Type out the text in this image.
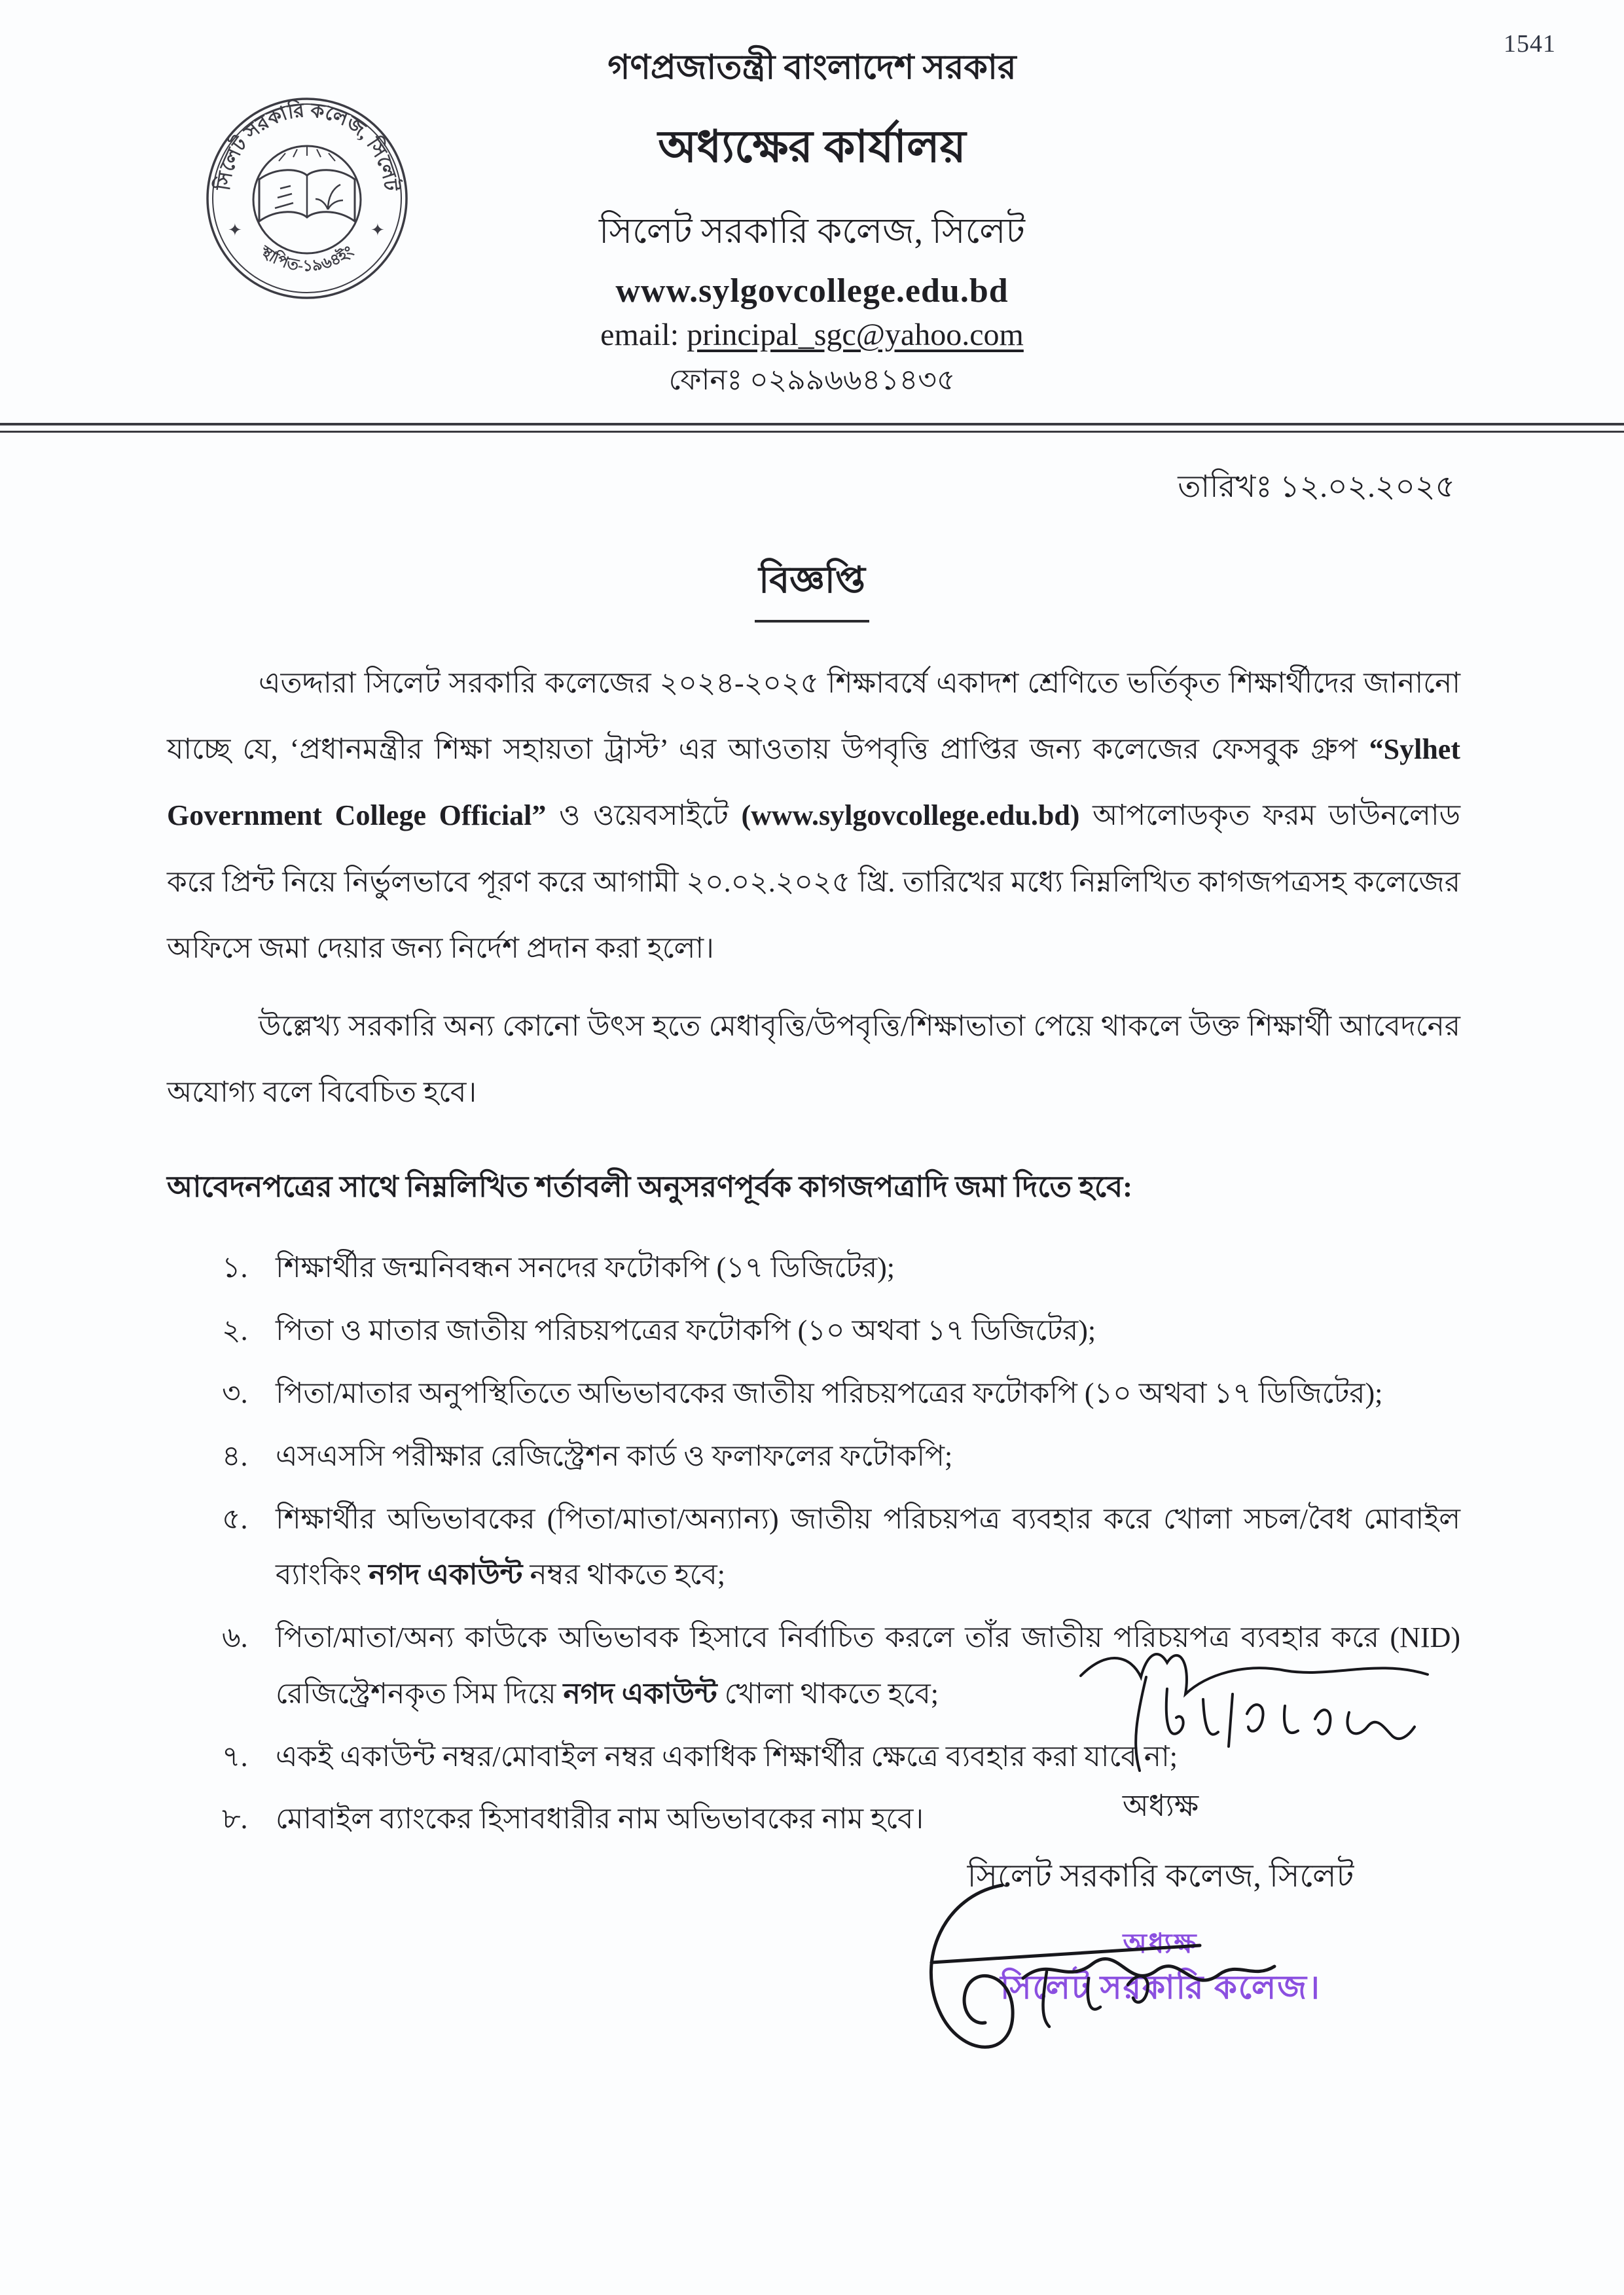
1541
সিলেট সরকারি কলেজ, সিলেট
স্থাপিত-১৯৬৪ইং
✦	✦
গণপ্রজাতন্ত্রী বাংলাদেশ সরকার
অধ্যক্ষের কার্যালয়
সিলেট সরকারি কলেজ, সিলেট
www.sylgovcollege.edu.bd
email: principal_sgc@yahoo.com
ফোনঃ ০২৯৯৬৬৪১৪৩৫
তারিখঃ ১২.০২.২০২৫
বিজ্ঞপ্তি

এতদ্দারা সিলেট সরকারি কলেজের ২০২৪-২০২৫ শিক্ষাবর্ষে একাদশ শ্রেণিতে ভর্তিকৃত শিক্ষার্থীদের জানানো যাচ্ছে যে, ‘প্রধানমন্ত্রীর শিক্ষা সহায়তা ট্রাস্ট’ এর আওতায় উপবৃত্তি প্রাপ্তির জন্য কলেজের ফেসবুক গ্রুপ “Sylhet Government College Official” ও ওয়েবসাইটে (www.sylgovcollege.edu.bd) আপলোডকৃত ফরম ডাউনলোড করে প্রিন্ট নিয়ে নির্ভুলভাবে পূরণ করে আগামী ২০.০২.২০২৫ খ্রি. তারিখের মধ্যে নিম্নলিখিত কাগজপত্রসহ কলেজের অফিসে জমা দেয়ার জন্য নির্দেশ প্রদান করা হলো।

উল্লেখ্য সরকারি অন্য কোনো উৎস হতে মেধাবৃত্তি/উপবৃত্তি/শিক্ষাভাতা পেয়ে থাকলে উক্ত শিক্ষার্থী আবেদনের অযোগ্য বলে বিবেচিত হবে।

আবেদনপত্রের সাথে নিম্নলিখিত শর্তাবলী অনুসরণপূর্বক কাগজপত্রাদি জমা দিতে হবে:

১. শিক্ষার্থীর জন্মনিবন্ধন সনদের ফটোকপি (১৭ ডিজিটের);
২. পিতা ও মাতার জাতীয় পরিচয়পত্রের ফটোকপি (১০ অথবা ১৭ ডিজিটের);
৩. পিতা/মাতার অনুপস্থিতিতে অভিভাবকের জাতীয় পরিচয়পত্রের ফটোকপি (১০ অথবা ১৭ ডিজিটের);
৪. এসএসসি পরীক্ষার রেজিস্ট্রেশন কার্ড ও ফলাফলের ফটোকপি;
৫. শিক্ষার্থীর অভিভাবকের (পিতা/মাতা/অন্যান্য) জাতীয় পরিচয়পত্র ব্যবহার করে খোলা সচল/বৈধ মোবাইল ব্যাংকিং নগদ একাউন্ট নম্বর থাকতে হবে;
৬. পিতা/মাতা/অন্য কাউকে অভিভাবক হিসাবে নির্বাচিত করলে তাঁর জাতীয় পরিচয়পত্র ব্যবহার করে (NID) রেজিস্ট্রেশনকৃত সিম দিয়ে নগদ একাউন্ট খোলা থাকতে হবে;
৭. একই একাউন্ট নম্বর/মোবাইল নম্বর একাধিক শিক্ষার্থীর ক্ষেত্রে ব্যবহার করা যাবে না;
৮. মোবাইল ব্যাংকের হিসাবধারীর নাম অভিভাবকের নাম হবে।	অধ্যক্ষ
সিলেট সরকারি কলেজ, সিলেট
অধ্যক্ষ
সিলেট সরকারি কলেজ।
